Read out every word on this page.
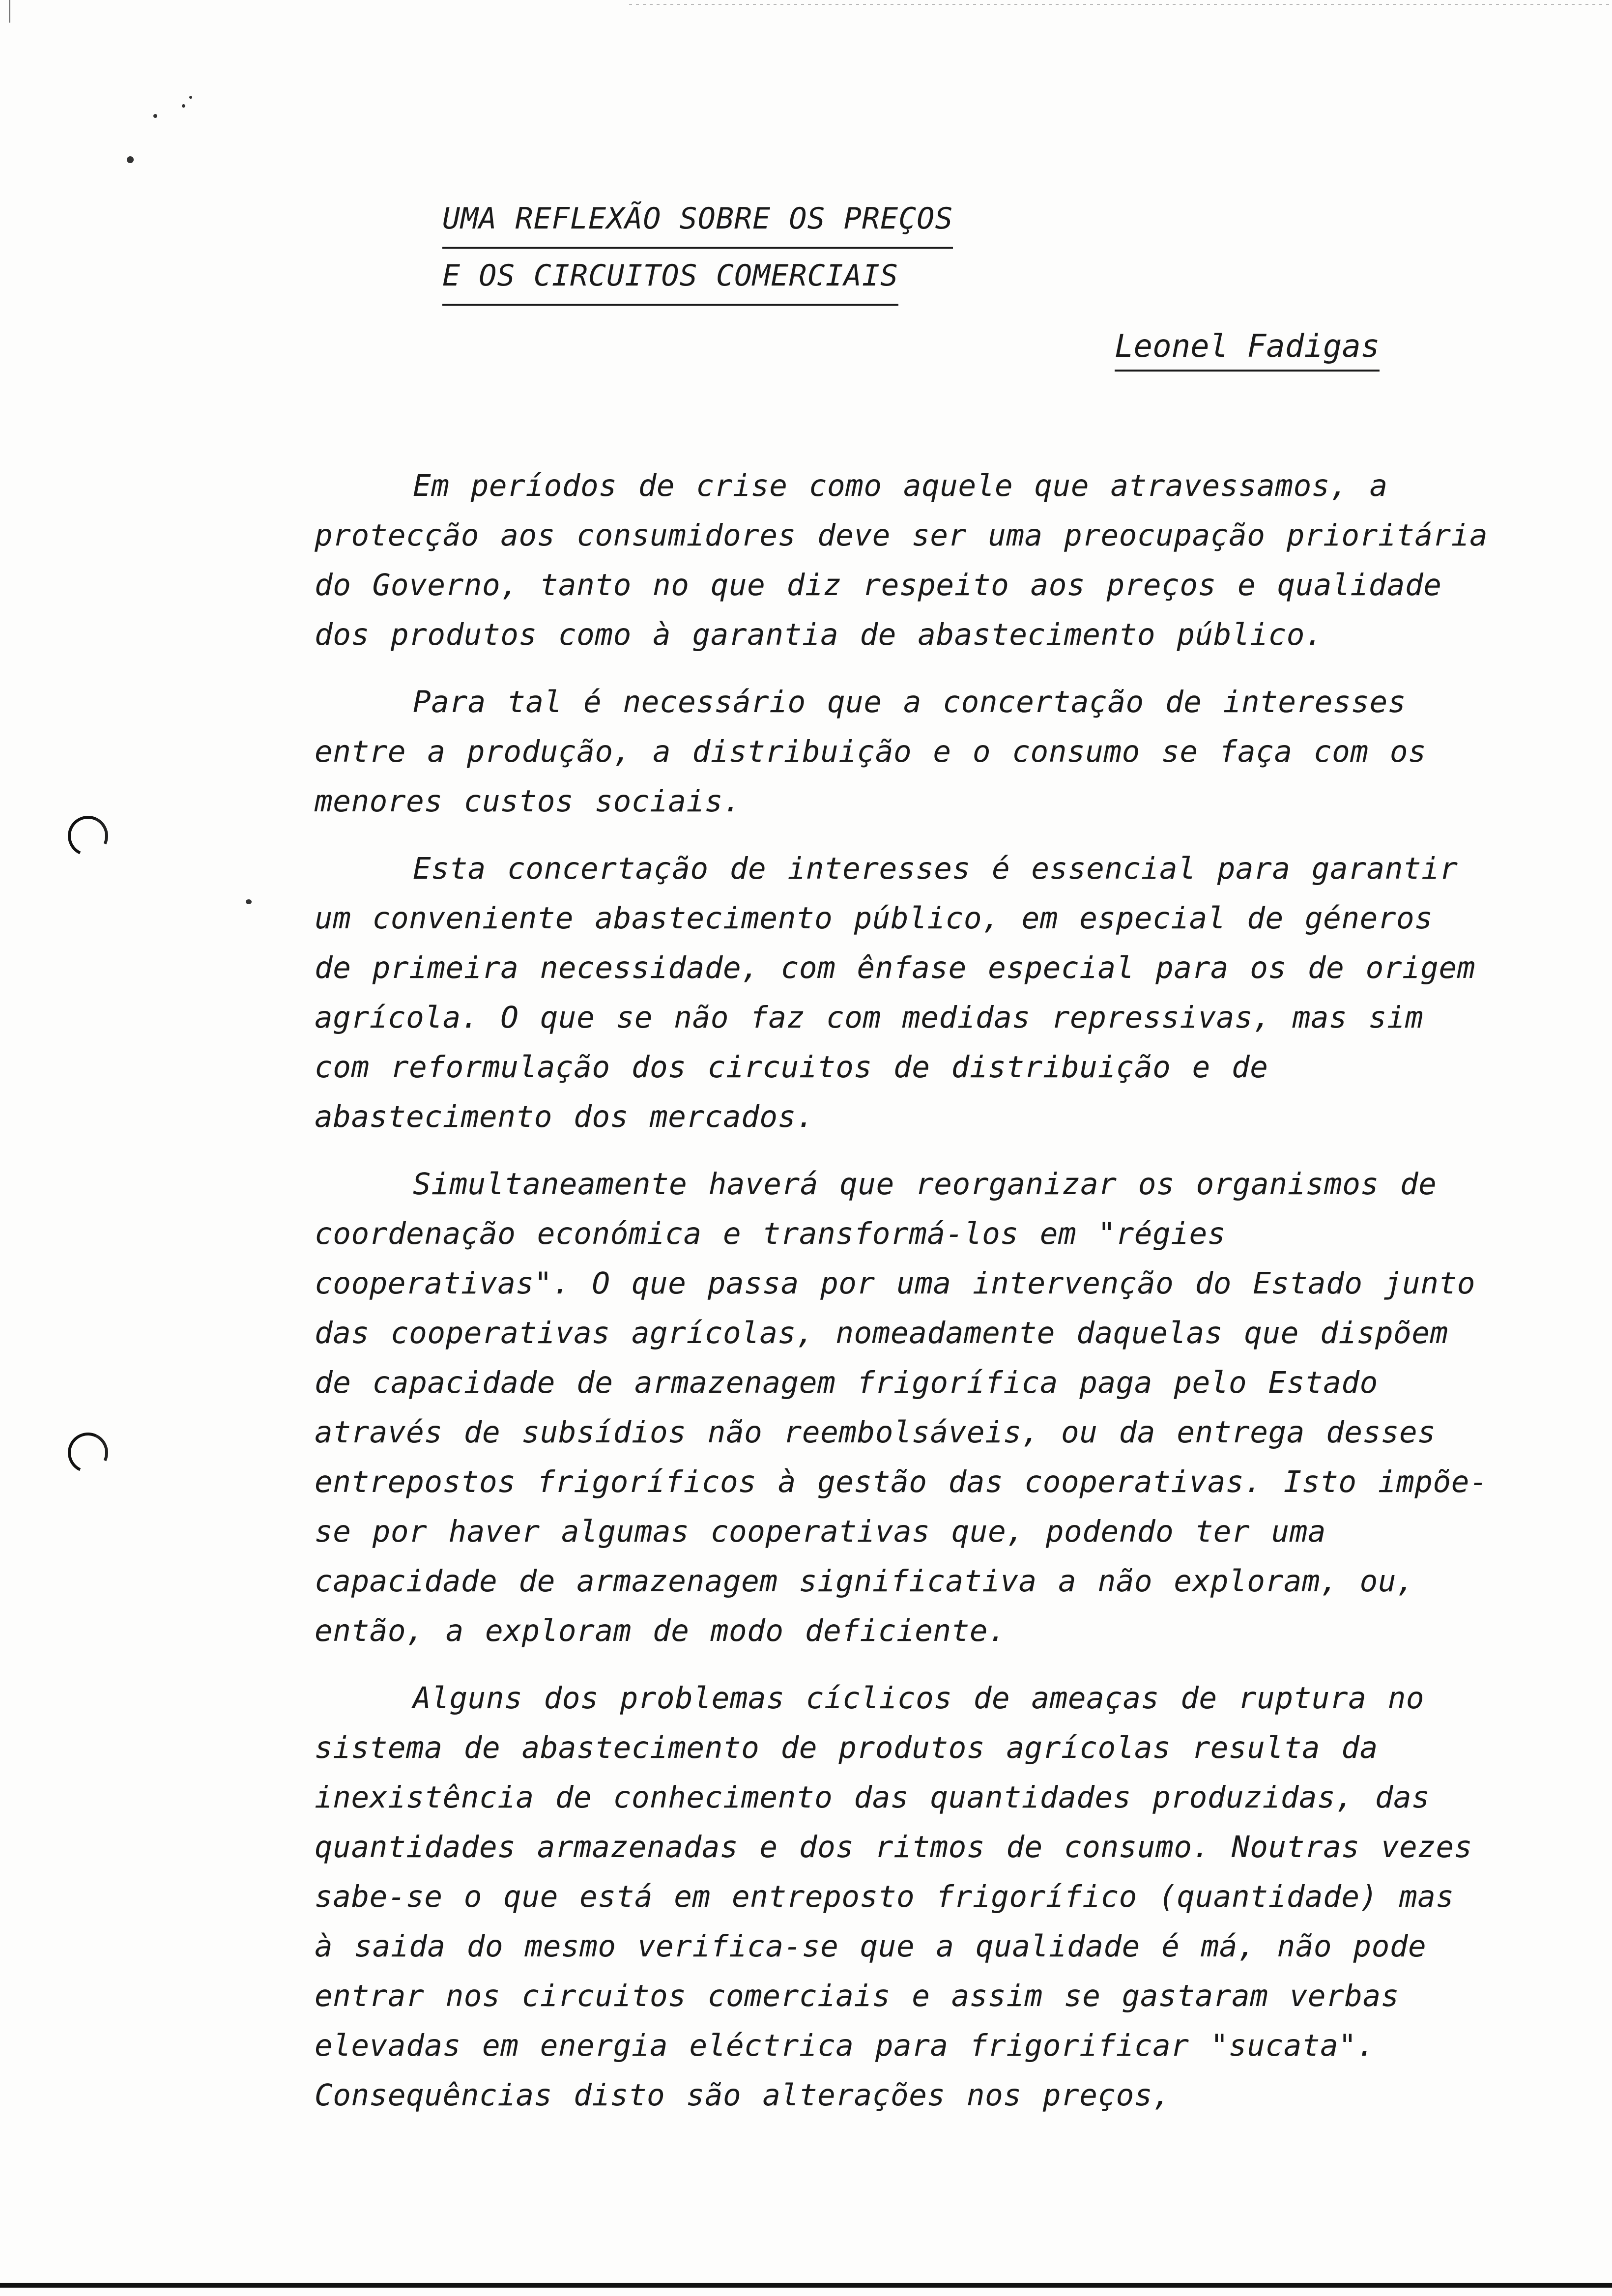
UMA REFLEXÃO SOBRE OS PREÇOS
E OS CIRCUITOS COMERCIAIS
Leonel Fadigas

Em períodos de crise como aquele que atravessamos, a protecção aos consumidores deve ser uma preocupação prioritária do Governo, tanto no que diz respeito aos preços e qualidade dos produtos como à garantia de abastecimento público.

Para tal é necessário que a concertação de interesses entre a produção, a distribuição e o consumo se faça com os menores custos sociais.

Esta concertação de interesses é essencial para garantir um conveniente abastecimento público, em especial de géneros de primeira necessidade, com ênfase especial para os de origem agrícola. O que se não faz com medidas repressivas, mas sim com reformulação dos circuitos de distribuição e de abastecimento dos mercados.

Simultaneamente haverá que reorganizar os organismos de coordenação económica e transformá-los em "régies cooperativas". O que passa por uma intervenção do Estado junto das cooperativas agrícolas, nomeadamente daquelas que dispõem de capacidade de armazenagem frigorífica paga pelo Estado através de subsídios não reembolsáveis, ou da entrega desses entrepostos frigoríficos à gestão das cooperativas. Isto impõe-se por haver algumas cooperativas que, podendo ter uma capacidade de armazenagem significativa a não exploram, ou, então, a exploram de modo deficiente.

Alguns dos problemas cíclicos de ameaças de ruptura no sistema de abastecimento de produtos agrícolas resulta da inexistência de conhecimento das quantidades produzidas, das quantidades armazenadas e dos ritmos de consumo. Noutras vezes sabe-se o que está em entreposto frigorífico (quantidade) mas à saida do mesmo verifica-se que a qualidade é má, não pode entrar nos circuitos comerciais e assim se gastaram verbas elevadas em energia eléctrica para frigorificar "sucata". Consequências disto são alterações nos preços,
